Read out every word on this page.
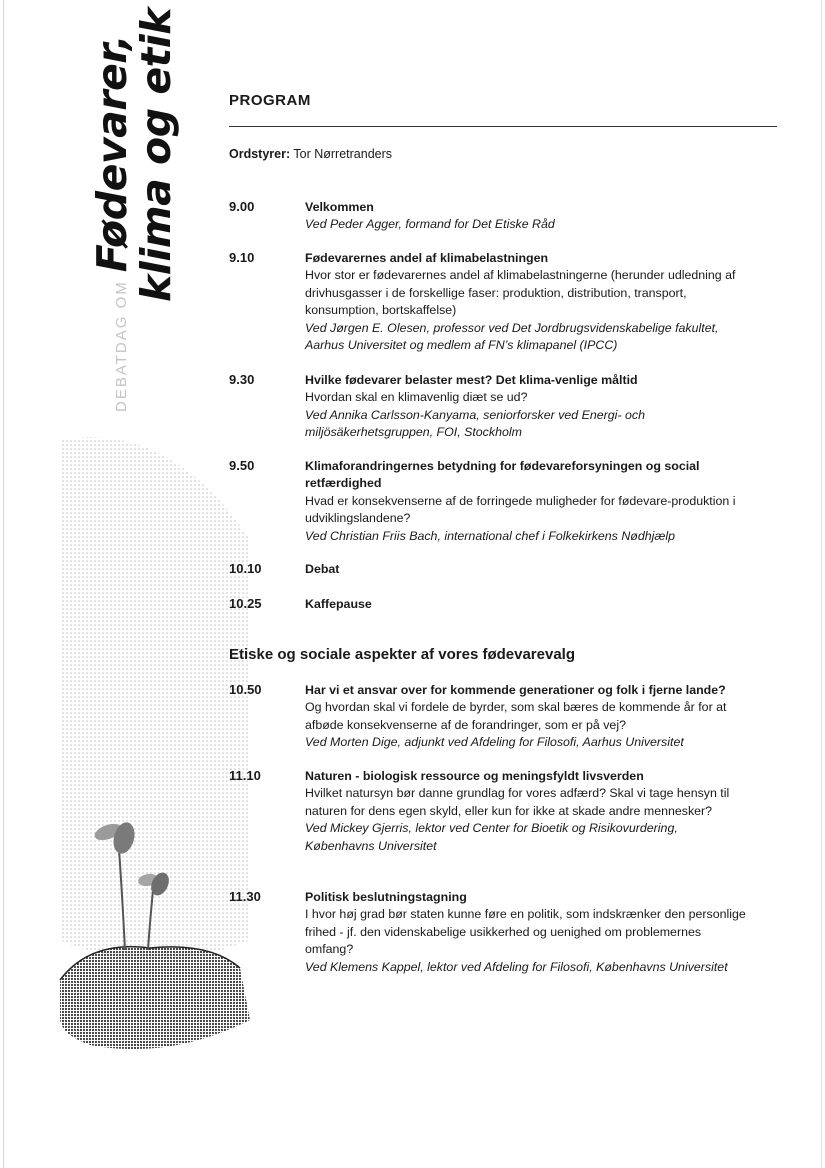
DEBATDAG OMFødevarer,
klima og etik	PROGRAM
Ordstyrer: Tor Nørretranders
9.00	Velkommen
Ved Peder Agger, formand for Det Etiske Råd
9.10	Fødevarernes andel af klimabelastningen
Hvor stor er fødevarernes andel af klimabelastningerne (herunder udledning af drivhusgasser i de forskellige faser: produktion, distribution, transport, konsumption, bortskaffelse)
Ved Jørgen E. Olesen, professor ved Det Jordbrugsvidenskabelige fakultet, Aarhus Universitet og medlem af FN’s klimapanel (IPCC)
9.30	Hvilke fødevarer belaster mest? Det klima-venlige måltid
Hvordan skal en klimavenlig diæt se ud?
Ved Annika Carlsson-Kanyama, seniorforsker ved Energi- och miljösäkerhetsgruppen, FOI, Stockholm
9.50	Klimaforandringernes betydning for fødevareforsyningen og social retfærdighed
Hvad er konsekvenserne af de forringede muligheder for fødevare-produktion i udviklingslandene?
Ved Christian Friis Bach, international chef i Folkekirkens Nødhjælp
10.10	Debat
10.25	Kaffepause
Etiske og sociale aspekter af vores fødevarevalg
10.50	Har vi et ansvar over for kommende generationer og folk i fjerne lande?
Og hvordan skal vi fordele de byrder, som skal bæres de kommende år for at afbøde konsekvenserne af de forandringer, som er på vej?
Ved Morten Dige, adjunkt ved Afdeling for Filosofi, Aarhus Universitet
11.10	Naturen - biologisk ressource og meningsfyldt livsverden
Hvilket natursyn bør danne grundlag for vores adfærd? Skal vi tage hensyn til naturen for dens egen skyld, eller kun for ikke at skade andre mennesker?
Ved Mickey Gjerris, lektor ved Center for Bioetik og Risikovurdering, Københavns Universitet
11.30	Politisk beslutningstagning
I hvor høj grad bør staten kunne føre en politik, som indskrænker den personlige frihed - jf. den videnskabelige usikkerhed og uenighed om problemernes omfang?
Ved Klemens Kappel, lektor ved Afdeling for Filosofi, Københavns Universitet
